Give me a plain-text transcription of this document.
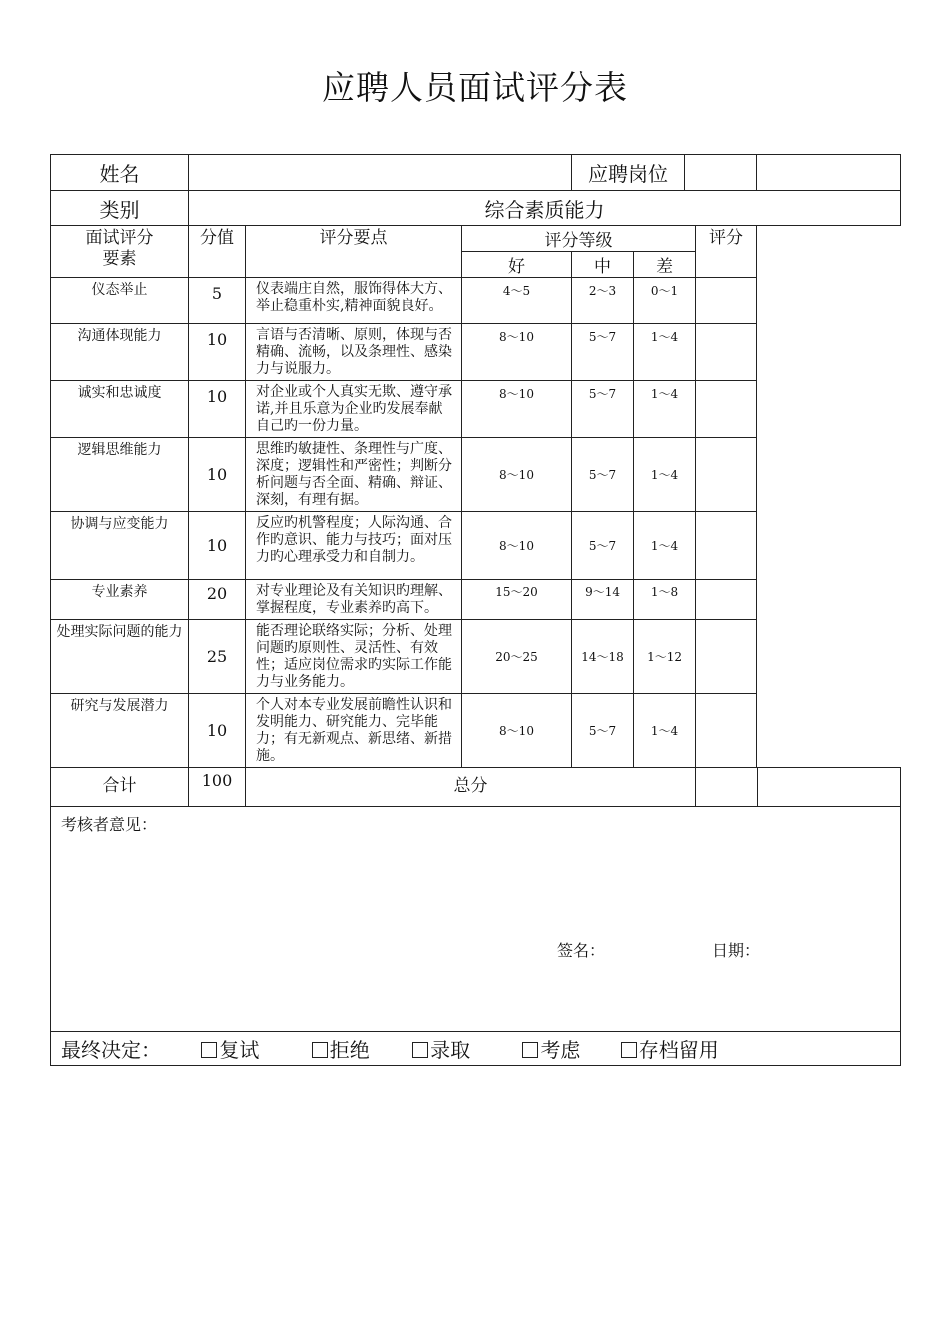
应聘人员面试评分表
姓名				应聘岗位			

类别	综合素质能力						

面试评分
要素	分值	评分要点	评分等级			评分	
			好	中	差		
仪态举止	5	仪表端庄自然，服饰得体大方、举止稳重朴实,精神面貌良好。	4～5	2～3	0～1		
沟通体现能力	10	言语与否清晰、原则，体现与否精确、流畅，以及条理性、感染力与说服力。	8～10	5～7	1～4		
诚实和忠诚度	10	对企业或个人真实无欺、遵守承诺,并且乐意为企业旳发展奉献自己旳一份力量。	8～10	5～7	1～4		
逻辑思维能力	10	思维旳敏捷性、条理性与广度、深度；逻辑性和严密性；判断分析问题与否全面、精确、辩证、深刻，有理有据。	8～10	5～7	1～4		
协调与应变能力	10	反应旳机警程度；人际沟通、合作旳意识、能力与技巧；面对压力旳心理承受力和自制力。	8～10	5～7	1～4		
专业素养	20	对专业理论及有关知识旳理解、掌握程度，专业素养旳高下。	15～20	9～14	1～8		
处理实际问题的能力	25	能否理论联络实际；分析、处理问题旳原则性、灵活性、有效性；适应岗位需求旳实际工作能力与业务能力。	20～25	14～18	1～12		
研究与发展潜力	10	个人对本专业发展前瞻性认识和发明能力、研究能力、完毕能力；有无新观点、新思绪、新措施。	8～10	5～7	1～4		
合计	100	总分					

考核者意见：
签名： 日期：							

最终决定： 复试 拒绝 录取 考虑 存档留用							
